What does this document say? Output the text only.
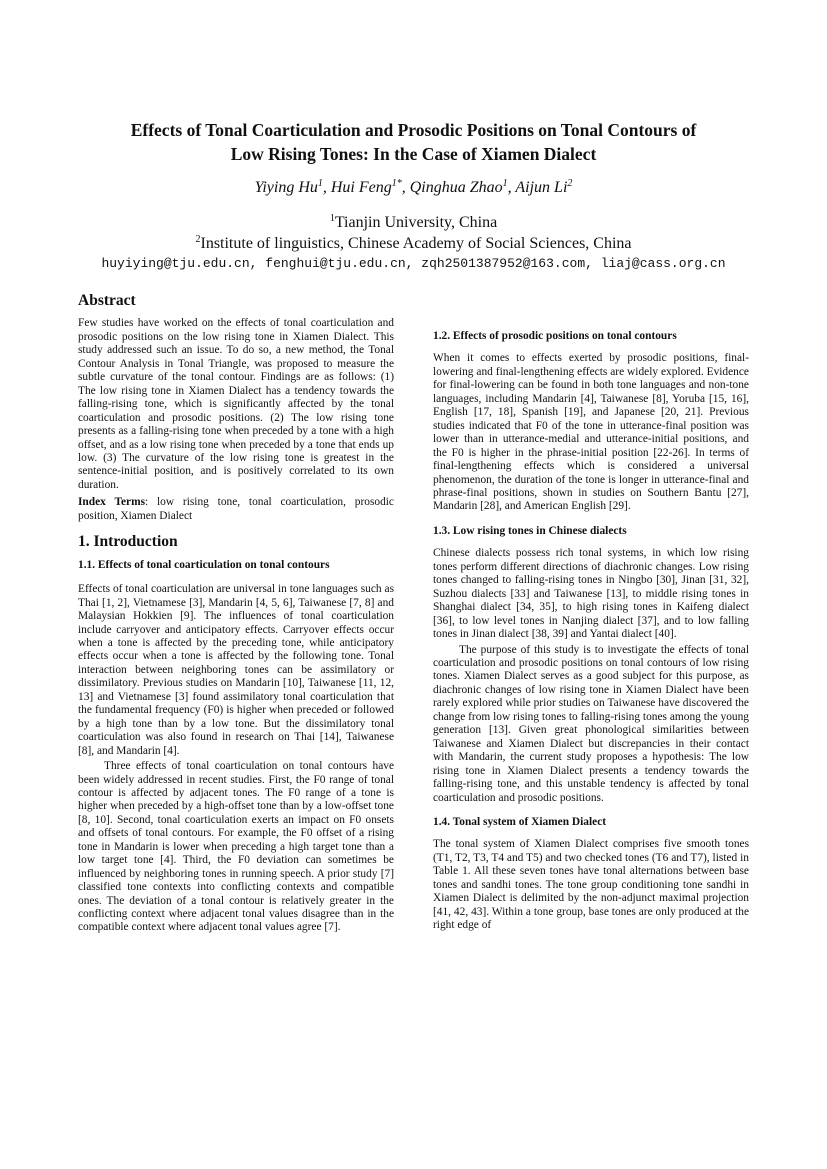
Effects of Tonal Coarticulation and Prosodic Positions on Tonal Contours of
Low Rising Tones: In the Case of Xiamen Dialect
Yiying Hu$^1$, Hui Feng$^{1*}$, Qinghua Zhao$^1$, Aijun Li$^2$
$^1$Tianjin University, China
$^2$Institute of linguistics, Chinese Academy of Social Sciences, China
huyiying@tju.edu.cn, fenghui@tju.edu.cn, zqh2501387952@163.com, liaj@cass.org.cn

Abstract

Few studies have worked on the effects of tonal coarticulation and prosodic positions on the low rising tone in Xiamen Dialect. This study addressed such an issue. To do so, a new method, the Tonal Contour Analysis in Tonal Triangle, was proposed to measure the subtle curvature of the tonal contour. Findings are as follows: (1) The low rising tone in Xiamen Dialect has a tendency towards the falling-rising tone, which is significantly affected by the tonal coarticulation and prosodic positions. (2) The low rising tone presents as a falling-rising tone when preceded by a tone with a high offset, and as a low rising tone when preceded by a tone that ends up low. (3) The curvature of the low rising tone is greatest in the sentence-initial position, and is positively correlated to its own duration.

Index Terms: low rising tone, tonal coarticulation, prosodic position, Xiamen Dialect

1. Introduction

1.1. Effects of tonal coarticulation on tonal contours

Effects of tonal coarticulation are universal in tone languages such as Thai [1, 2], Vietnamese [3], Mandarin [4, 5, 6], Taiwanese [7, 8] and Malaysian Hokkien [9]. The influences of tonal coarticulation include carryover and anticipatory effects. Carryover effects occur when a tone is affected by the preceding tone, while anticipatory effects occur when a tone is affected by the following tone. Tonal interaction between neighboring tones can be assimilatory or dissimilatory. Previous studies on Mandarin [10], Taiwanese [11, 12, 13] and Vietnamese [3] found assimilatory tonal coarticulation that the fundamental frequency (F0) is higher when preceded or followed by a high tone than by a low tone. But the dissimilatory tonal coarticulation was also found in research on Thai [14], Taiwanese [8], and Mandarin [4].

Three effects of tonal coarticulation on tonal contours have been widely addressed in recent studies. First, the F0 range of tonal contour is affected by adjacent tones. The F0 range of a tone is higher when preceded by a high-offset tone than by a low-offset tone [8, 10]. Second, tonal coarticulation exerts an impact on F0 onsets and offsets of tonal contours. For example, the F0 offset of a rising tone in Mandarin is lower when preceding a high target tone than a low target tone [4]. Third, the F0 deviation can sometimes be influenced by neighboring tones in running speech. A prior study [7] classified tone contexts into conflicting contexts and compatible ones. The deviation of a tonal contour is relatively greater in the conflicting context where adjacent tonal values disagree than in the compatible context where adjacent tonal values agree [7].

1.2. Effects of prosodic positions on tonal contours

When it comes to effects exerted by prosodic positions, final-lowering and final-lengthening effects are widely explored. Evidence for final-lowering can be found in both tone languages and non-tone languages, including Mandarin [4], Taiwanese [8], Yoruba [15, 16], English [17, 18], Spanish [19], and Japanese [20, 21]. Previous studies indicated that F0 of the tone in utterance-final position was lower than in utterance-medial and utterance-initial positions, and the F0 is higher in the phrase-initial position [22-26]. In terms of final-lengthening effects which is considered a universal phenomenon, the duration of the tone is longer in utterance-final and phrase-final positions, shown in studies on Southern Bantu [27], Mandarin [28], and American English [29].

1.3. Low rising tones in Chinese dialects

Chinese dialects possess rich tonal systems, in which low rising tones perform different directions of diachronic changes. Low rising tones changed to falling-rising tones in Ningbo [30], Jinan [31, 32], Suzhou dialects [33] and Taiwanese [13], to middle rising tones in Shanghai dialect [34, 35], to high rising tones in Kaifeng dialect [36], to low level tones in Nanjing dialect [37], and to low falling tones in Jinan dialect [38, 39] and Yantai dialect [40].

The purpose of this study is to investigate the effects of tonal coarticulation and prosodic positions on tonal contours of low rising tones. Xiamen Dialect serves as a good subject for this purpose, as diachronic changes of low rising tone in Xiamen Dialect have been rarely explored while prior studies on Taiwanese have discovered the change from low rising tones to falling-rising tones among the young generation [13]. Given great phonological similarities between Taiwanese and Xiamen Dialect but discrepancies in their contact with Mandarin, the current study proposes a hypothesis: The low rising tone in Xiamen Dialect presents a tendency towards the falling-rising tone, and this unstable tendency is affected by tonal coarticulation and prosodic positions.

1.4. Tonal system of Xiamen Dialect

The tonal system of Xiamen Dialect comprises five smooth tones (T1, T2, T3, T4 and T5) and two checked tones (T6 and T7), listed in Table 1. All these seven tones have tonal alternations between base tones and sandhi tones. The tone group conditioning tone sandhi in Xiamen Dialect is delimited by the non-adjunct maximal projection [41, 42, 43]. Within a tone group, base tones are only produced at the right edge of
